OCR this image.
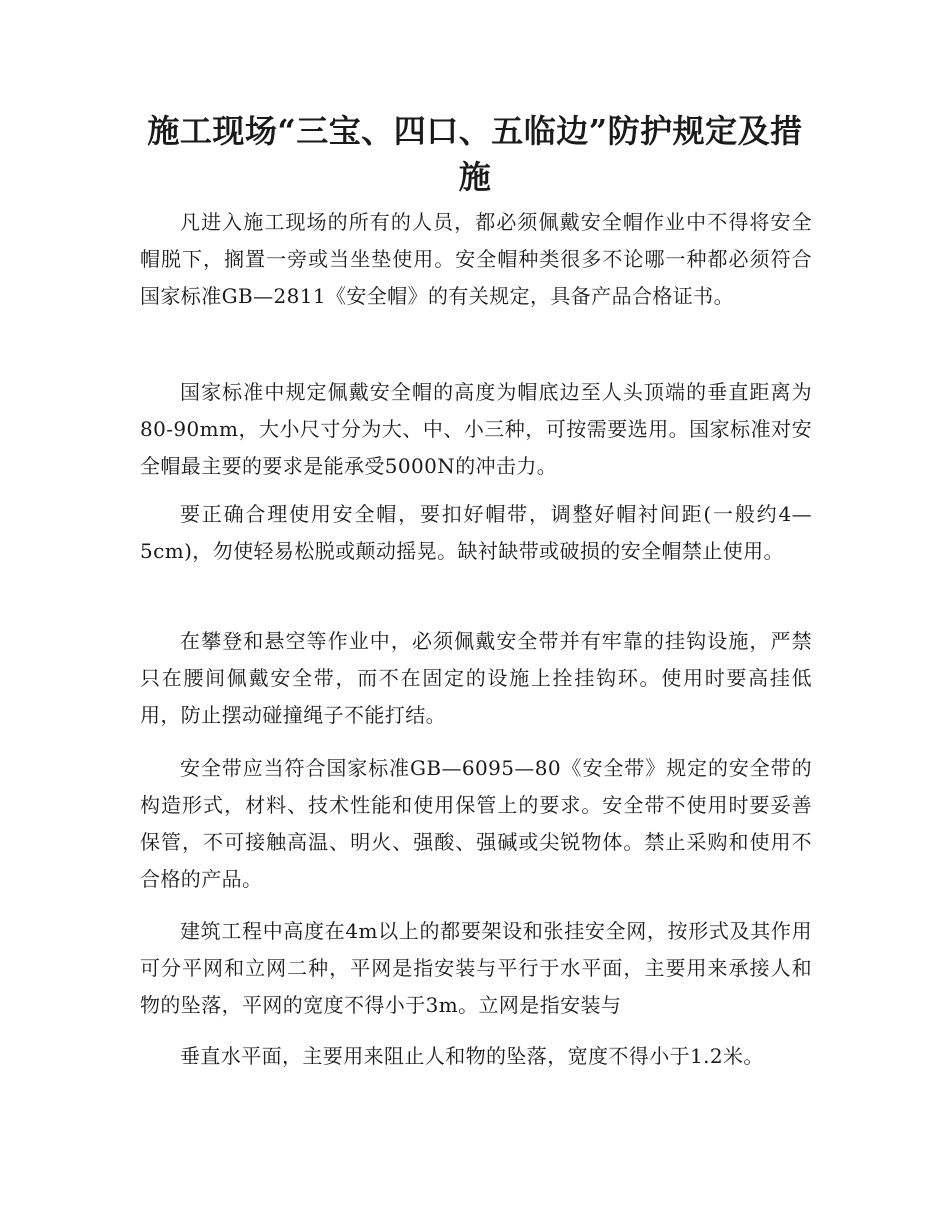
施工现场“三宝、四口、五临边”防护规定及措施

凡进入施工现场的所有的人员，都必须佩戴安全帽作业中不得将安全帽脱下，搁置一旁或当坐垫使用。安全帽种类很多不论哪一种都必须符合国家标准GB—2811《安全帽》的有关规定，具备产品合格证书。

国家标准中规定佩戴安全帽的高度为帽底边至人头顶端的垂直距离为80-90mm，大小尺寸分为大、中、小三种，可按需要选用。国家标准对安全帽最主要的要求是能承受5000N的冲击力。

要正确合理使用安全帽，要扣好帽带，调整好帽衬间距(一般约4—5cm)，勿使轻易松脱或颠动摇晃。缺衬缺带或破损的安全帽禁止使用。

在攀登和悬空等作业中，必须佩戴安全带并有牢靠的挂钩设施，严禁只在腰间佩戴安全带，而不在固定的设施上拴挂钩环。使用时要高挂低用，防止摆动碰撞绳子不能打结。

安全带应当符合国家标准GB—6095—80《安全带》规定的安全带的构造形式，材料、技术性能和使用保管上的要求。安全带不使用时要妥善保管，不可接触高温、明火、强酸、强碱或尖锐物体。禁止采购和使用不合格的产品。

建筑工程中高度在4m以上的都要架设和张挂安全网，按形式及其作用可分平网和立网二种，平网是指安装与平行于水平面，主要用来承接人和物的坠落，平网的宽度不得小于3m。立网是指安装与

垂直水平面，主要用来阻止人和物的坠落，宽度不得小于1.2米。
